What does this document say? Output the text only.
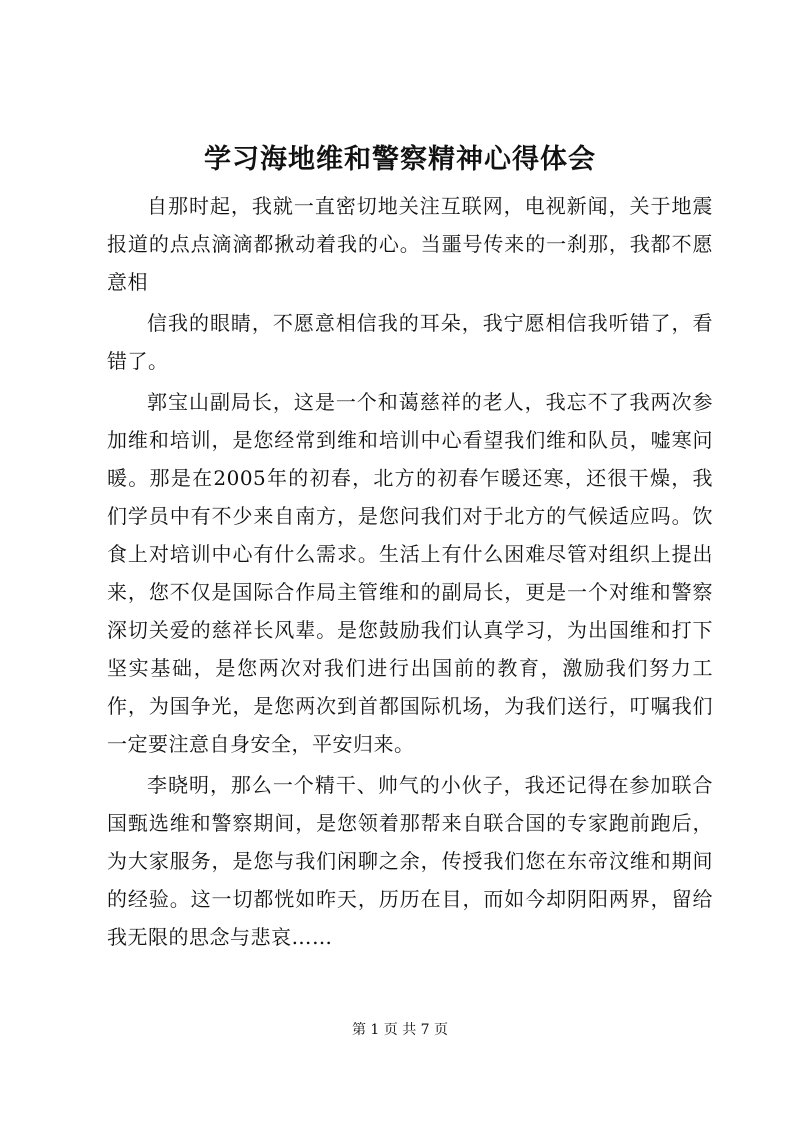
学习海地维和警察精神心得体会

自那时起，我就一直密切地关注互联网，电视新闻，关于地震报道的点点滴滴都揪动着我的心。当噩号传来的一刹那，我都不愿意相

信我的眼睛，不愿意相信我的耳朵，我宁愿相信我听错了，看错了。

郭宝山副局长，这是一个和蔼慈祥的老人，我忘不了我两次参加维和培训，是您经常到维和培训中心看望我们维和队员，嘘寒问暖。那是在2005年的初春，北方的初春乍暖还寒，还很干燥，我们学员中有不少来自南方，是您问我们对于北方的气候适应吗。饮食上对培训中心有什么需求。生活上有什么困难尽管对组织上提出来，您不仅是国际合作局主管维和的副局长，更是一个对维和警察深切关爱的慈祥长风辈。是您鼓励我们认真学习，为出国维和打下坚实基础，是您两次对我们进行出国前的教育，激励我们努力工作，为国争光，是您两次到首都国际机场，为我们送行，叮嘱我们一定要注意自身安全，平安归来。

李晓明，那么一个精干、帅气的小伙子，我还记得在参加联合国甄选维和警察期间，是您领着那帮来自联合国的专家跑前跑后，为大家服务，是您与我们闲聊之余，传授我们您在东帝汶维和期间的经验。这一切都恍如昨天，历历在目，而如今却阴阳两界，留给我无限的思念与悲哀……

第 1 页 共 7 页
